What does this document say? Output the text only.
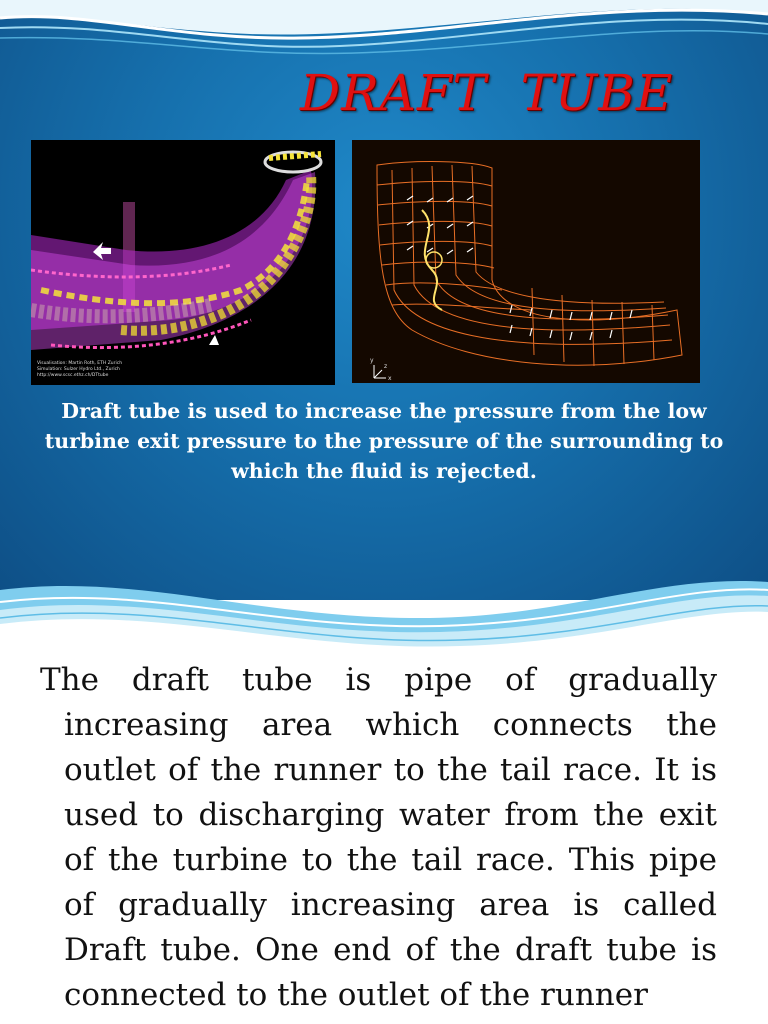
DRAFT  TUBE
Visualisation: Martin Roth, ETH Zurich
Simulation: Sulzer Hydro Ltd., Zurich
http://www.scsc.ethz.ch/DTtube
y
z
x
Draft tube is used to increase the pressure from the low turbine exit pressure to the pressure of the surrounding to which the fluid is rejected.

The draft tube is pipe of gradually increasing area which connects the outlet of the runner to the tail race. It is used to discharging water from the exit of the turbine to the tail race. This pipe of gradually increasing area is called Draft tube. One end of the draft tube is connected to the outlet of the runner
